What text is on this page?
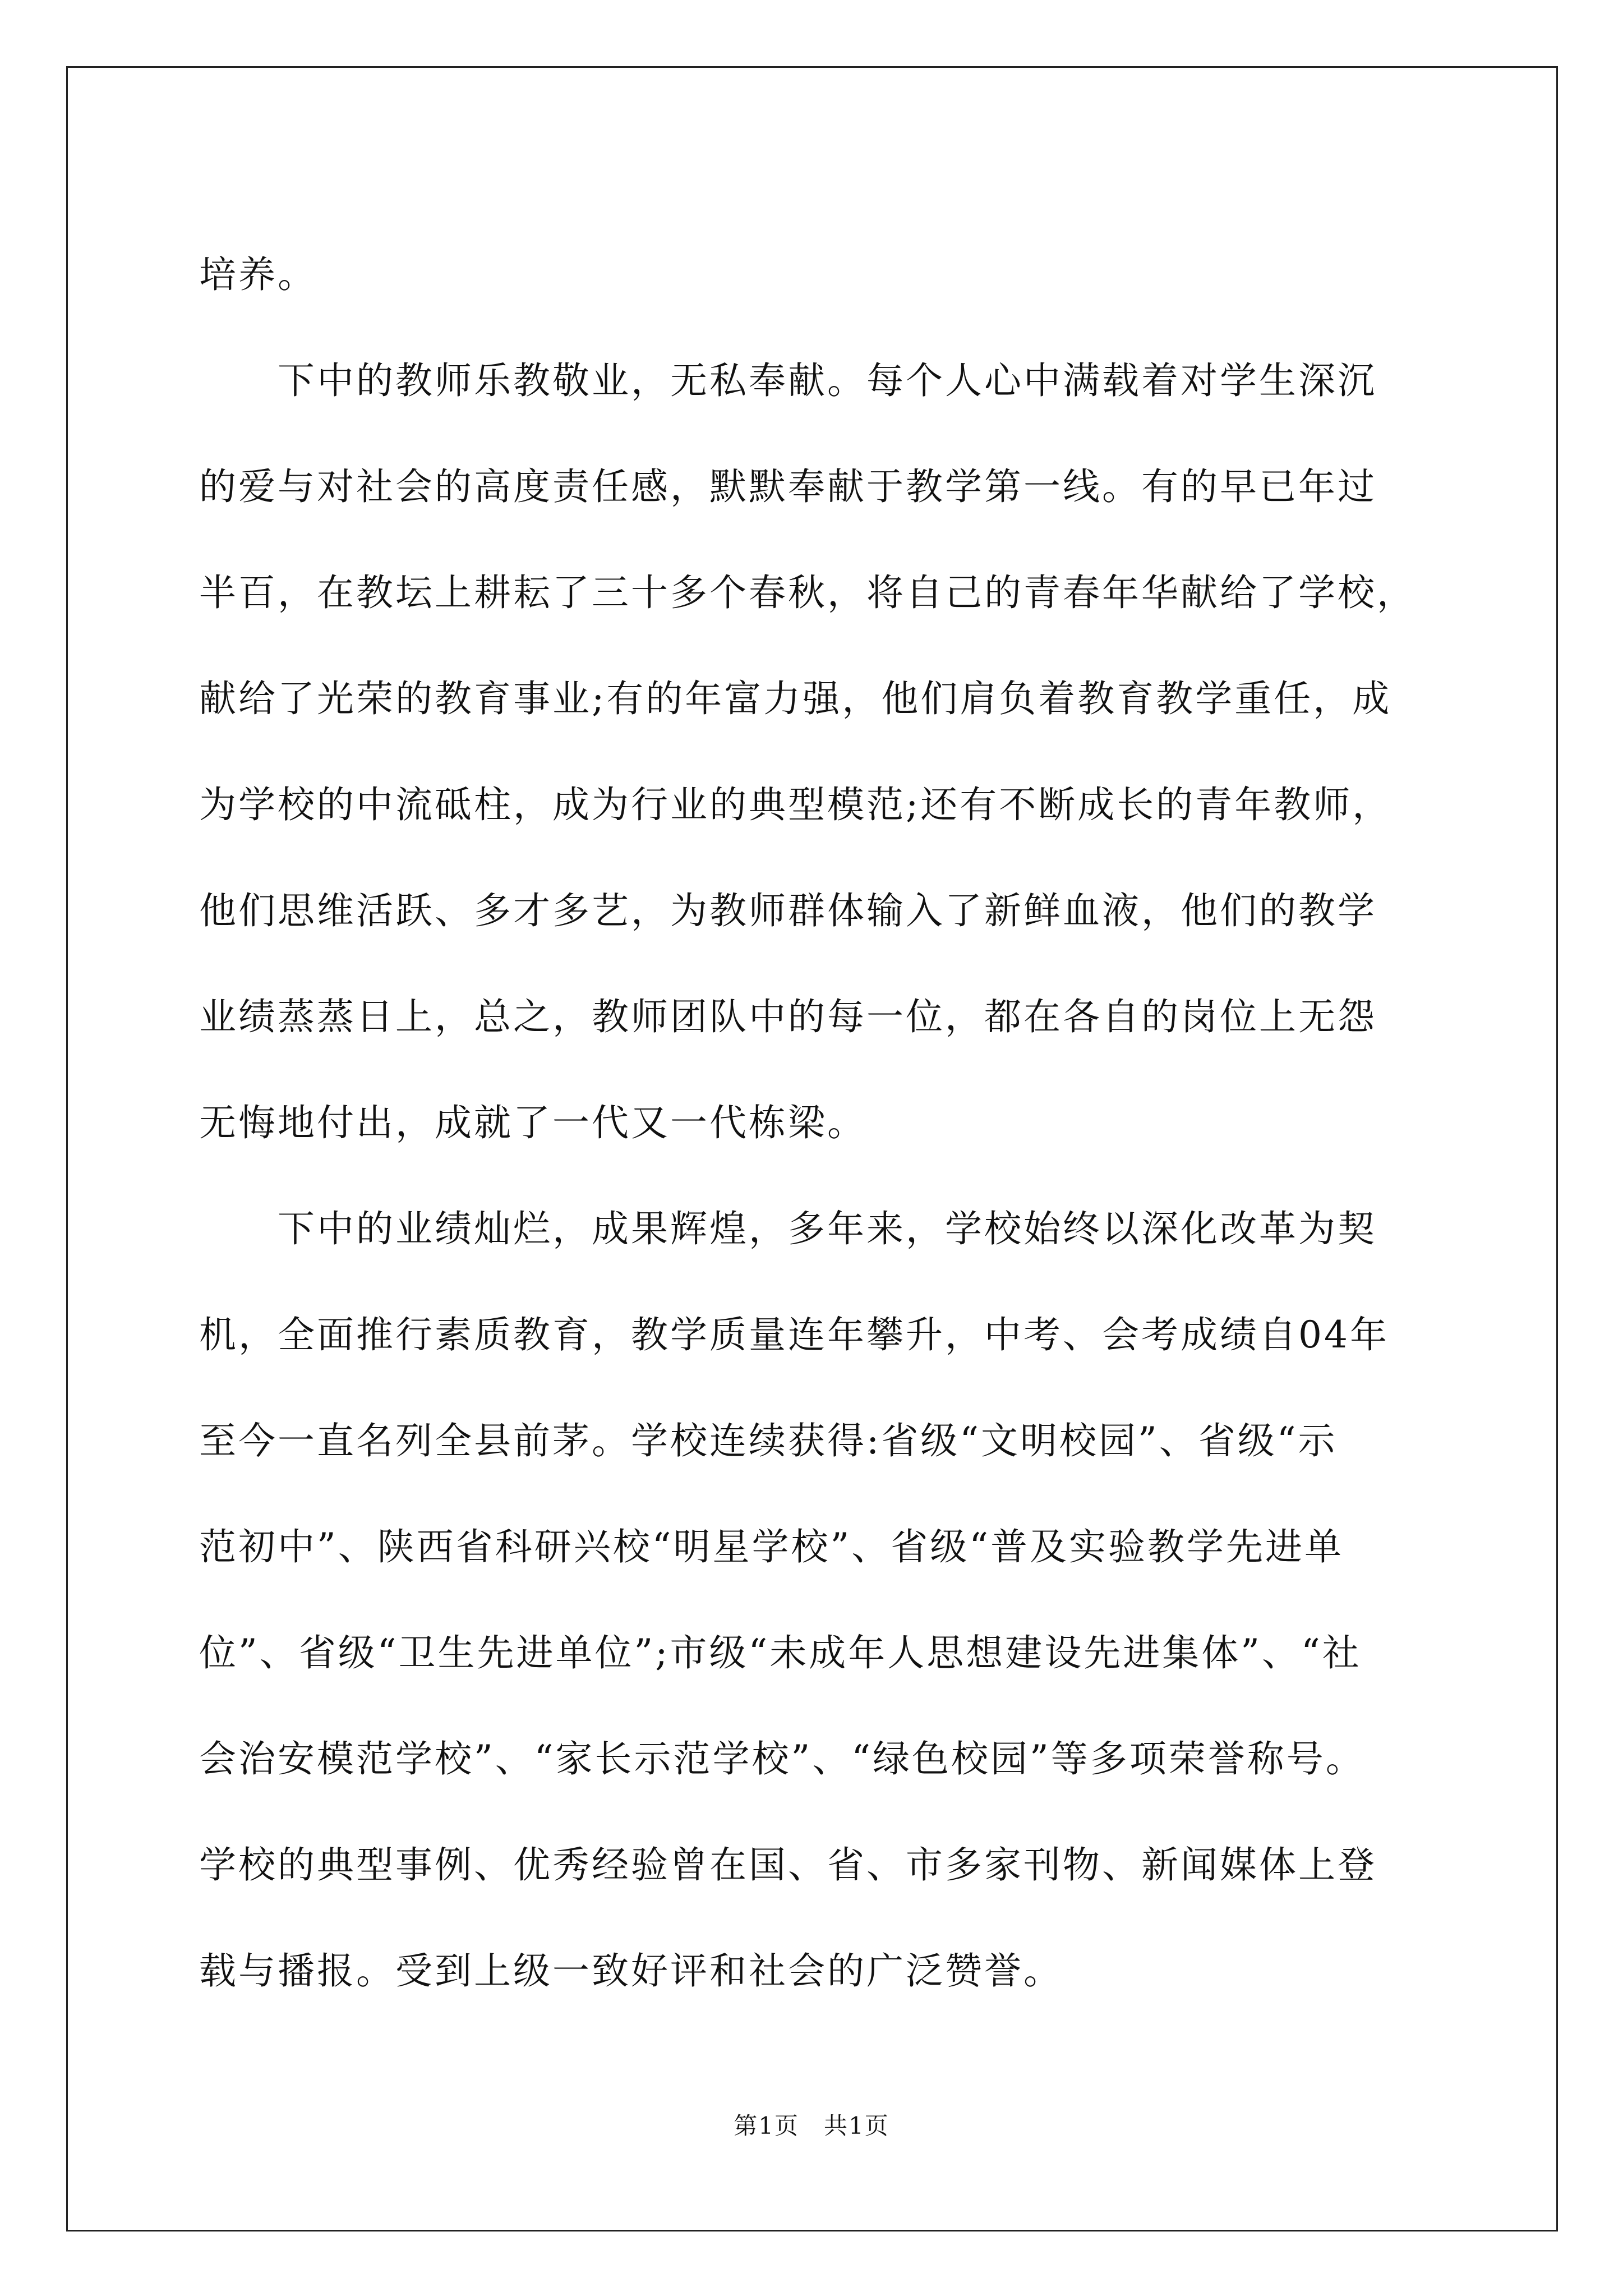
培养。
　　下中的教师乐教敬业，无私奉献。每个人心中满载着对学生深沉
的爱与对社会的高度责任感，默默奉献于教学第一线。有的早已年过
半百，在教坛上耕耘了三十多个春秋，将自己的青春年华献给了学校，
献给了光荣的教育事业;有的年富力强，他们肩负着教育教学重任，成
为学校的中流砥柱，成为行业的典型模范;还有不断成长的青年教师，
他们思维活跃、多才多艺，为教师群体输入了新鲜血液，他们的教学
业绩蒸蒸日上，总之，教师团队中的每一位，都在各自的岗位上无怨
无悔地付出，成就了一代又一代栋梁。
　　下中的业绩灿烂，成果辉煌，多年来，学校始终以深化改革为契
机，全面推行素质教育，教学质量连年攀升，中考、会考成绩自04年
至今一直名列全县前茅。学校连续获得:省级“文明校园”、省级“示
范初中”、陕西省科研兴校“明星学校”、省级“普及实验教学先进单
位”、省级“卫生先进单位”;市级“未成年人思想建设先进集体”、“社
会治安模范学校”、“家长示范学校”、“绿色校园”等多项荣誉称号。
学校的典型事例、优秀经验曾在国、省、市多家刊物、新闻媒体上登
载与播报。受到上级一致好评和社会的广泛赞誉。
第1页　共1页
